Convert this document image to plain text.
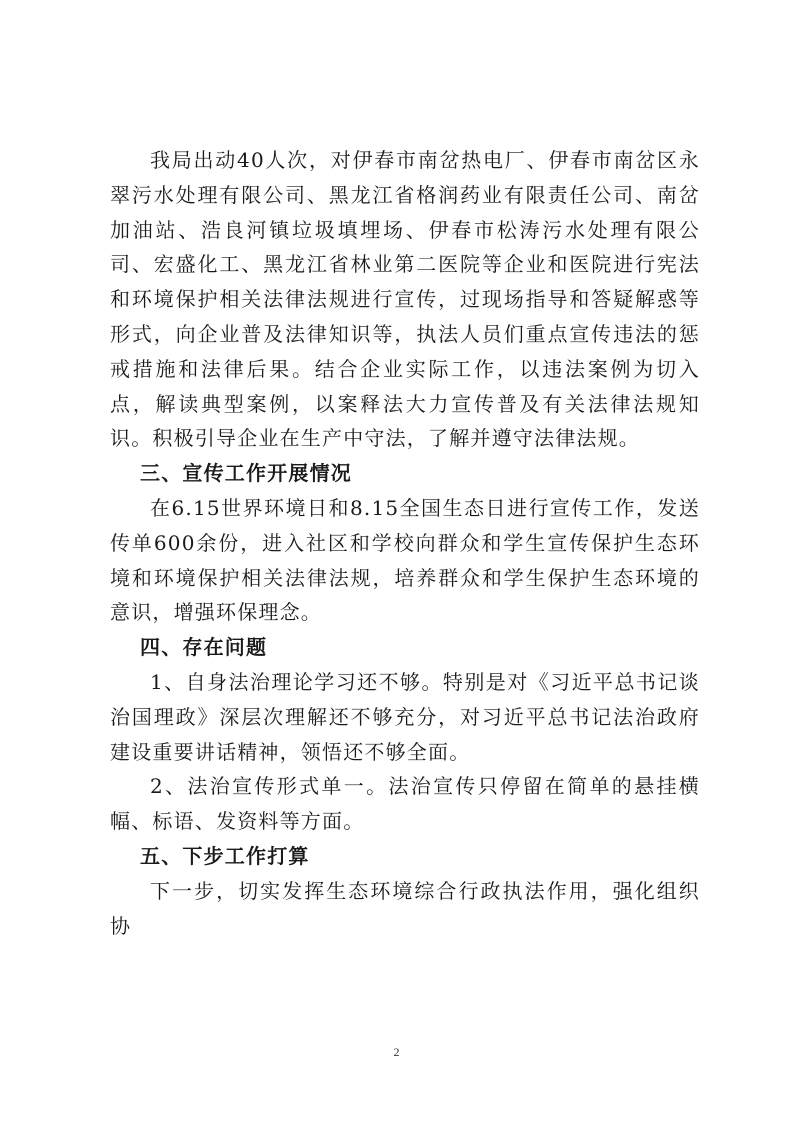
我局出动40人次，对伊春市南岔热电厂、伊春市南岔区永翠污水处理有限公司、黑龙江省格润药业有限责任公司、南岔加油站、浩良河镇垃圾填埋场、伊春市松涛污水处理有限公司、宏盛化工、黑龙江省林业第二医院等企业和医院进行宪法和环境保护相关法律法规进行宣传，过现场指导和答疑解惑等形式，向企业普及法律知识等，执法人员们重点宣传违法的惩戒措施和法律后果。结合企业实际工作，以违法案例为切入点，解读典型案例，以案释法大力宣传普及有关法律法规知识。积极引导企业在生产中守法，了解并遵守法律法规。

三、宣传工作开展情况

在6.15世界环境日和8.15全国生态日进行宣传工作，发送传单600余份，进入社区和学校向群众和学生宣传保护生态环境和环境保护相关法律法规，培养群众和学生保护生态环境的意识，增强环保理念。

四、存在问题

1、自身法治理论学习还不够。特别是对《习近平总书记谈治国理政》深层次理解还不够充分，对习近平总书记法治政府建设重要讲话精神，领悟还不够全面。

2、法治宣传形式单一。法治宣传只停留在简单的悬挂横幅、标语、发资料等方面。

五、下步工作打算

下一步，切实发挥生态环境综合行政执法作用，强化组织协

2
